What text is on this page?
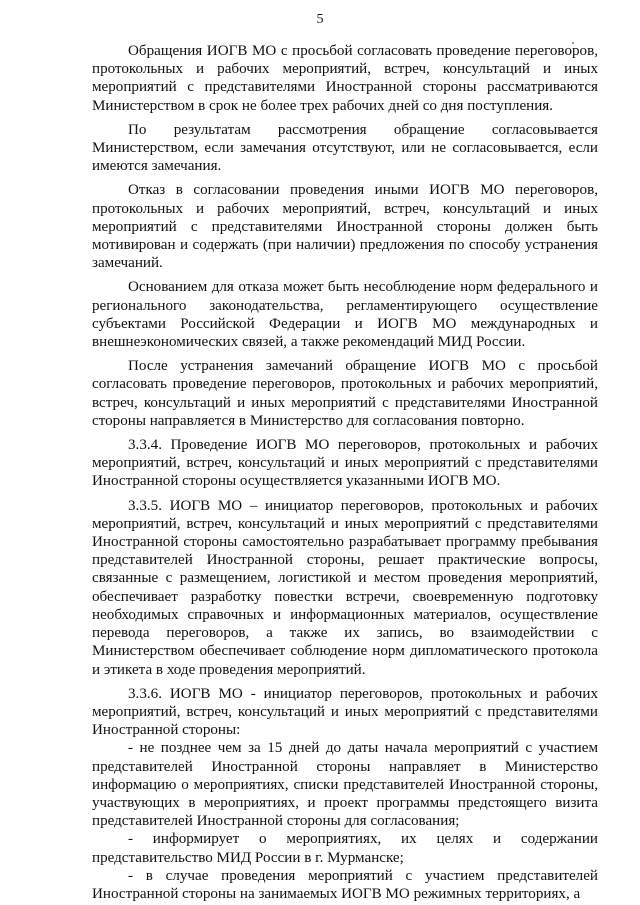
5

Обращения ИОГВ МО с просьбой согласовать проведение переговоров, протокольных и рабочих мероприятий, встреч, консультаций и иных мероприятий с представителями Иностранной стороны рассматриваются Министерством в срок не более трех рабочих дней со дня поступления.

По результатам рассмотрения обращение согласовывается Министерством, если замечания отсутствуют, или не согласовывается, если имеются замечания.

Отказ в согласовании проведения иными ИОГВ МО переговоров, протокольных и рабочих мероприятий, встреч, консультаций и иных мероприятий с представителями Иностранной стороны должен быть мотивирован и содержать (при наличии) предложения по способу устранения замечаний.

Основанием для отказа может быть несоблюдение норм федерального и регионального законодательства, регламентирующего осуществление субъектами Российской Федерации и ИОГВ МО международных и внешнеэкономических связей, а также рекомендаций МИД России.

После устранения замечаний обращение ИОГВ МО с просьбой согласовать проведение переговоров, протокольных и рабочих мероприятий, встреч, консультаций и иных мероприятий с представителями Иностранной стороны направляется в Министерство для согласования повторно.

3.3.4. Проведение ИОГВ МО переговоров, протокольных и рабочих мероприятий, встреч, консультаций и иных мероприятий с представителями Иностранной стороны осуществляется указанными ИОГВ МО.

3.3.5. ИОГВ МО – инициатор переговоров, протокольных и рабочих мероприятий, встреч, консультаций и иных мероприятий с представителями Иностранной стороны самостоятельно разрабатывает программу пребывания представителей Иностранной стороны, решает практические вопросы, связанные с размещением, логистикой и местом проведения мероприятий, обеспечивает разработку повестки встречи, своевременную подготовку необходимых справочных и информационных материалов, осуществление перевода переговоров, а также их запись, во взаимодействии с Министерством обеспечивает соблюдение норм дипломатического протокола и этикета в ходе проведения мероприятий.

3.3.6. ИОГВ МО - инициатор переговоров, протокольных и рабочих мероприятий, встреч, консультаций и иных мероприятий с представителями Иностранной стороны:

- не позднее чем за 15 дней до даты начала мероприятий с участием представителей Иностранной стороны направляет в Министерство информацию о мероприятиях, списки представителей Иностранной стороны, участвующих в мероприятиях, и проект программы предстоящего визита представителей Иностранной стороны для согласования;

- информирует о мероприятиях, их целях и содержании представительство МИД России в г. Мурманске;

- в случае проведения мероприятий с участием представителей Иностранной стороны на занимаемых ИОГВ МО режимных территориях, а
